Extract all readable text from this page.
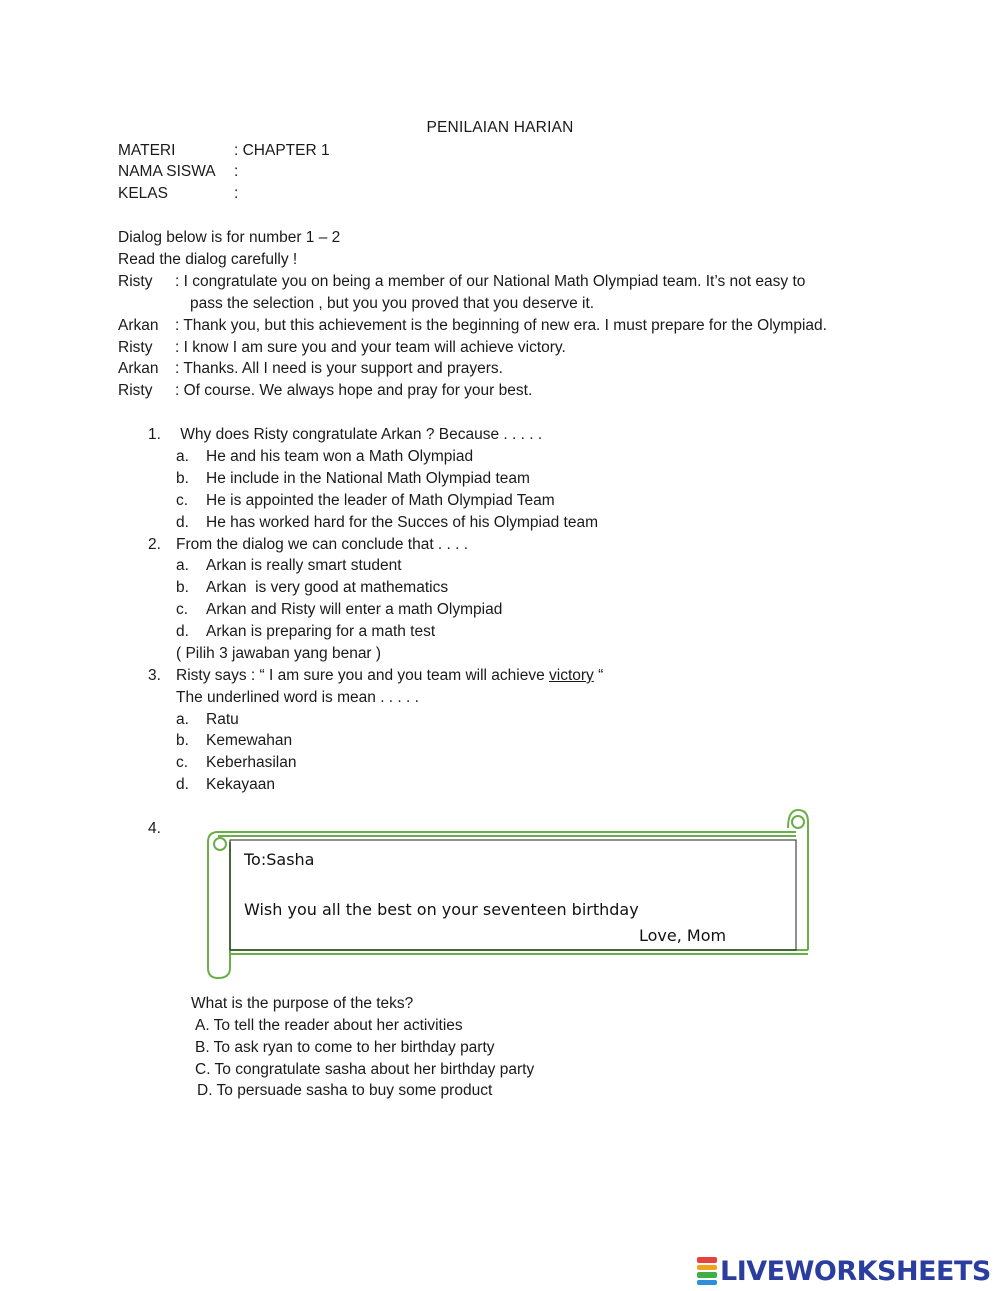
PENILAIAN HARIAN
MATERI	: CHAPTER 1
NAMA SISWA :
KELAS	:
Dialog below is for number 1 – 2
Read the dialog carefully !
Risty : I congratulate you on being a member of our National Math Olympiad team. It’s not easy to
pass the selection , but you you proved that you deserve it.
Arkan : Thank you, but this achievement is the beginning of new era. I must prepare for the Olympiad.
Risty : I know I am sure you and your team will achieve victory.
Arkan : Thanks. All I need is your support and prayers.
Risty : Of course. We always hope and pray for your best.
1. Why does Risty congratulate Arkan ? Because . . . . .
a. He and his team won a Math Olympiad
b. He include in the National Math Olympiad team
c. He is appointed the leader of Math Olympiad Team
d. He has worked hard for the Succes of his Olympiad team
2. From the dialog we can conclude that . . . .
a. Arkan is really smart student
b. Arkan  is very good at mathematics
c. Arkan and Risty will enter a math Olympiad
d. Arkan is preparing for a math test
( Pilih 3 jawaban yang benar )
3. Risty says : “ I am sure you and you team will achieve victory “
The underlined word is mean . . . . .
a. Ratu
b. Kemewahan
c. Keberhasilan
d. Kekayaan
4.
To:Sasha
Wish you all the best on your seventeen birthday
Love, Mom
What is the purpose of the teks?
A. To tell the reader about her activities
B. To ask ryan to come to her birthday party
C. To congratulate sasha about her birthday party
D. To persuade sasha to buy some product
LIVEWORKSHEETS
